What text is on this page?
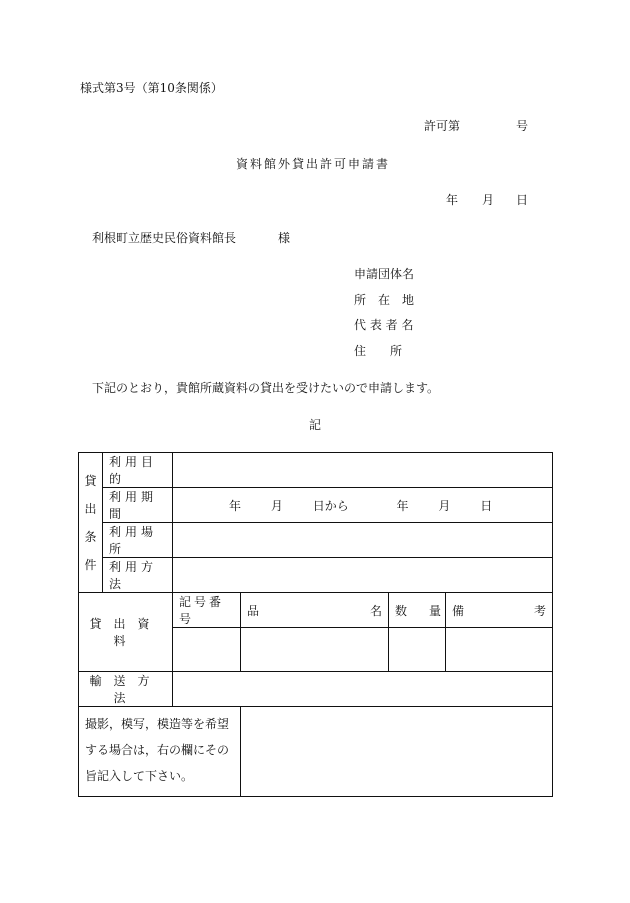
様式第3号（第10条関係）
許可第	号
資料館外貸出許可申請書
年 月 日
利根町立歴史民俗資料館長	様
申請団体名
所　在　地
代 表 者 名
住　　所
下記のとおり，貴館所蔵資料の貸出を受けたいので申請します。
記
貸
出
条
件	利用目的				
	利用期間	年 月 日から 年 月 日			
	利用場所				
	利用方法				
貸出資料		記号番号	品 名	数 量	備 考

輸送方法					
撮影，模写，模造等を希望する場合は，右の欄にその旨記入して下さい。					
